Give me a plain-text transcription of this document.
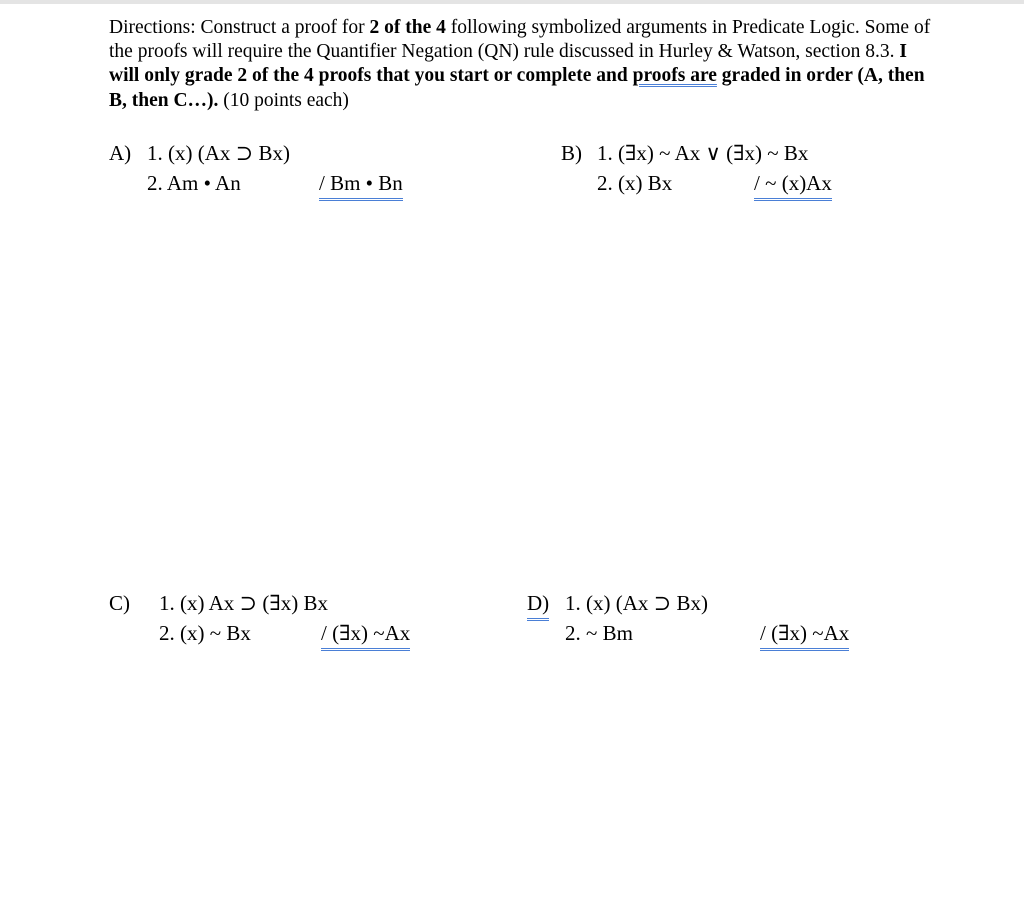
Directions: Construct a proof for 2 of the 4 following symbolized arguments in Predicate Logic. Some of the proofs will require the Quantifier Negation (QN) rule discussed in Hurley & Watson, section 8.3. I will only grade 2 of the 4 proofs that you start or complete and proofs are graded in order (A, then B, then C…). (10 points each)
A) 1. (x) (Ax ⊃ Bx)
2. Am • An	/ Bm • Bn
B) 1. (∃x) ~ Ax ∨ (∃x) ~ Bx
2. (x) Bx	/ ~ (x)Ax
C) 1. (x) Ax ⊃ (∃x) Bx
2. (x) ~ Bx	/ (∃x) ~Ax
D) 1. (x) (Ax ⊃ Bx)
2. ~ Bm	/ (∃x) ~Ax
